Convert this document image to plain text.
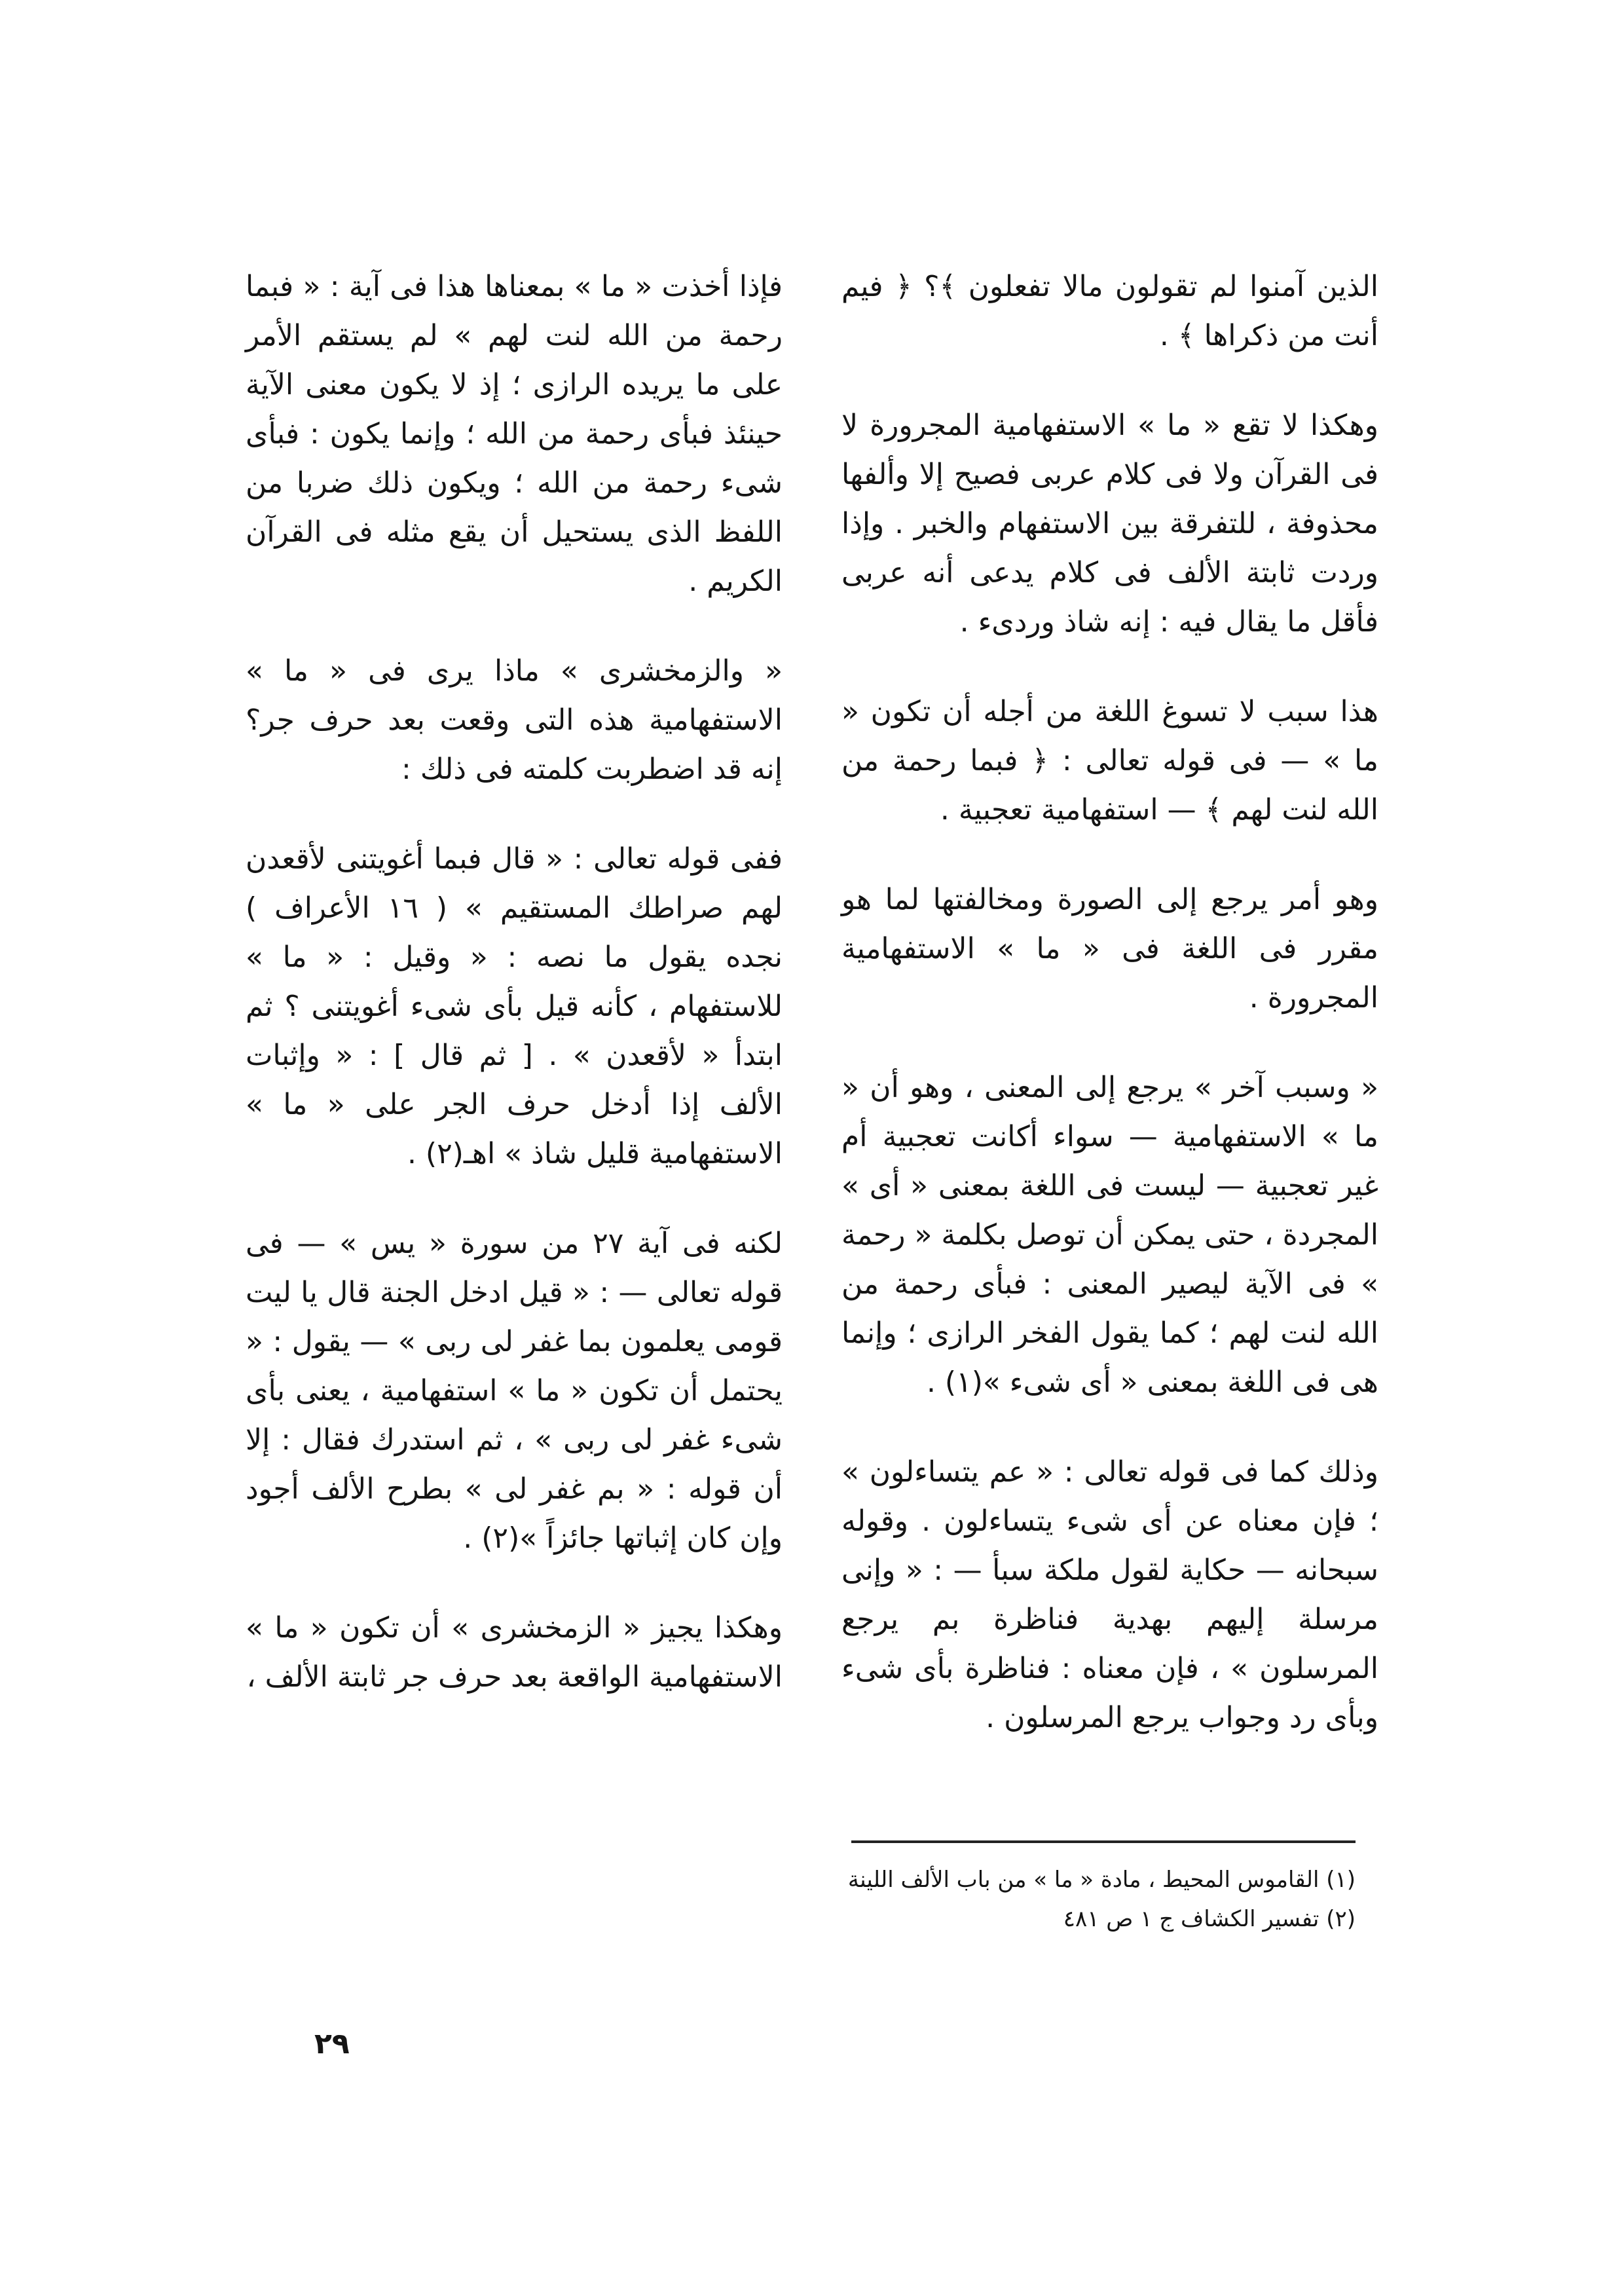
الذين آمنوا لم تقولون مالا تفعلون ﴾؟ ﴿ فيم أنت من ذكراها ﴾ .

وهكذا لا تقع « ما » الاستفهامية المجرورة لا فى القرآن ولا فى كلام عربى فصيح إلا وألفها محذوفة ، للتفرقة بين الاستفهام والخبر . وإذا وردت ثابتة الألف فى كلام يدعى أنه عربى فأقل ما يقال فيه : إنه شاذ وردىء .

هذا سبب لا تسوغ اللغة من أجله أن تكون « ما » — فى قوله تعالى : ﴿ فبما رحمة من الله لنت لهم ﴾ — استفهامية تعجبية .

وهو أمر يرجع إلى الصورة ومخالفتها لما هو مقرر فى اللغة فى « ما » الاستفهامية المجرورة .

« وسبب آخر » يرجع إلى المعنى ، وهو أن « ما » الاستفهامية — سواء أكانت تعجبية أم غير تعجبية — ليست فى اللغة بمعنى « أى » المجردة ، حتى يمكن أن توصل بكلمة « رحمة » فى الآية ليصير المعنى : فبأى رحمة من الله لنت لهم ؛ كما يقول الفخر الرازى ؛ وإنما هى فى اللغة بمعنى « أى شىء »(١) .

وذلك كما فى قوله تعالى : « عم يتساءلون » ؛ فإن معناه عن أى شىء يتساءلون . وقوله سبحانه — حكاية لقول ملكة سبأ — : « وإنى مرسلة إليهم بهدية فناظرة بم يرجع المرسلون » ، فإن معناه : فناظرة بأى شىء وبأى رد وجواب يرجع المرسلون .

فإذا أخذت « ما » بمعناها هذا فى آية : « فبما رحمة من الله لنت لهم » لم يستقم الأمر على ما يريده الرازى ؛ إذ لا يكون معنى الآية حينئذ فبأى رحمة من الله ؛ وإنما يكون : فبأى شىء رحمة من الله ؛ ويكون ذلك ضربا من اللفظ الذى يستحيل أن يقع مثله فى القرآن الكريم .

« والزمخشرى » ماذا يرى فى « ما » الاستفهامية هذه التى وقعت بعد حرف جر؟ إنه قد اضطربت كلمته فى ذلك :

ففى قوله تعالى : « قال فبما أغويتنى لأقعدن لهم صراطك المستقيم » ( ١٦ الأعراف ) نجده يقول ما نصه : « وقيل : « ما » للاستفهام ، كأنه قيل بأى شىء أغويتنى ؟ ثم ابتدأ « لأقعدن » . [ ثم قال ] : « وإثبات الألف إذا أدخل حرف الجر على « ما » الاستفهامية قليل شاذ » اهـ(٢) .

لكنه فى آية ٢٧ من سورة « يس » — فى قوله تعالى — : « قيل ادخل الجنة قال يا ليت قومى يعلمون بما غفر لى ربى » — يقول : « يحتمل أن تكون « ما » استفهامية ، يعنى بأى شىء غفر لى ربى » ، ثم استدرك فقال : إلا أن قوله : « بم غفر لى » بطرح الألف أجود وإن كان إثباتها جائزاً »(٢) .

وهكذا يجيز « الزمخشرى » أن تكون « ما » الاستفهامية الواقعة بعد حرف جر ثابتة الألف ،

(١) القاموس المحيط ، مادة « ما » من باب الألف اللينة

(٢) تفسير الكشاف ج ١ ص ٤٨١

٢٩
